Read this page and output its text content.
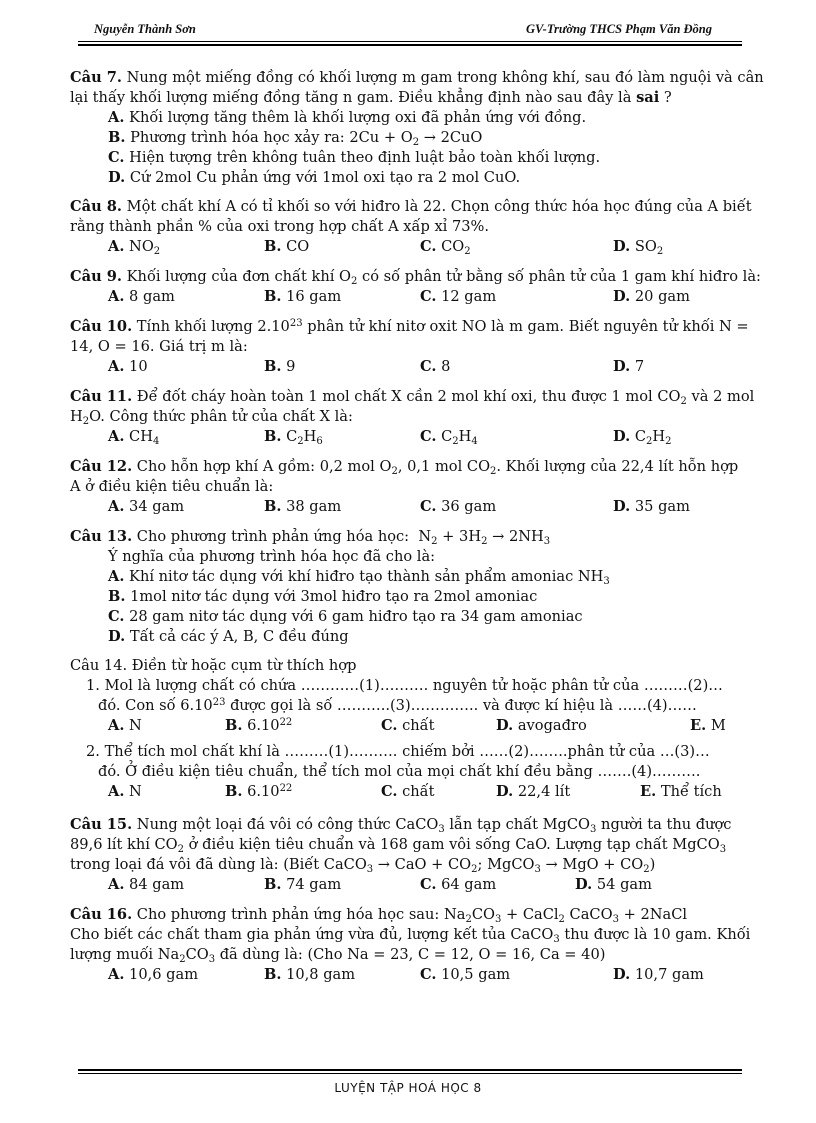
Nguyễn Thành Sơn	GV-Trường THCS Phạm Văn Đồng
Câu 7. Nung một miếng đồng có khối lượng m gam trong không khí, sau đó làm nguội và cân
lại thấy khối lượng miếng đồng tăng n gam. Điều khẳng định nào sau đây là sai ?
A. Khối lượng tăng thêm là khối lượng oxi đã phản ứng với đồng.
B. Phương trình hóa học xảy ra: $2Cu + O_2 \to 2CuO$
C. Hiện tượng trên không tuân theo định luật bảo toàn khối lượng.
D. Cứ 2mol Cu phản ứng với 1mol oxi tạo ra 2 mol CuO.
Câu 8. Một chất khí A có tỉ khối so với hiđro là 22. Chọn công thức hóa học đúng của A biết
rằng thành phần % của oxi trong hợp chất A xấp xỉ 73%.
A. $NO_2$	B. CO	C. $CO_2$	D. $SO_2$
Câu 9. Khối lượng của đơn chất khí $O_2$ có số phân tử bằng số phân tử của 1 gam khí hiđro là:
A. 8 gam	B. 16 gam	C. 12 gam	D. 20 gam
Câu 10. Tính khối lượng 2.10$^{23}$ phân tử khí nitơ oxit NO là m gam. Biết nguyên tử khối N =
14, O = 16. Giá trị m là:
A. 10	B. 9	C. 8	D. 7
Câu 11. Để đốt cháy hoàn toàn 1 mol chất X cần 2 mol khí oxi, thu được 1 mol $CO_2$ và 2 mol
$H_2O$. Công thức phân tử của chất X là:
A. $CH_4$	B. $C_2H_6$	C. $C_2H_4$	D. $C_2H_2$
Câu 12. Cho hỗn hợp khí A gồm: 0,2 mol $O_2$, 0,1 mol $CO_2$. Khối lượng của 22,4 lít hỗn hợp
A ở điều kiện tiêu chuẩn là:
A. 34 gam	B. 38 gam	C. 36 gam	D. 35 gam
Câu 13. Cho phương trình phản ứng hóa học: $N_2 + 3H_2 \to 2NH_3$
Ý nghĩa của phương trình hóa học đã cho là:
A. Khí nitơ tác dụng với khí hiđro tạo thành sản phẩm amoniac $NH_3$
B. 1mol nitơ tác dụng với 3mol hiđro tạo ra 2mol amoniac
C. 28 gam nitơ tác dụng với 6 gam hiđro tạo ra 34 gam amoniac
D. Tất cả các ý A, B, C đều đúng
Câu 14. Điền từ hoặc cụm từ thích hợp
1. Mol là lượng chất có chứa …………(1)………. nguyên tử hoặc phân tử của ………(2)…
đó. Con số 6.10$^{23}$ được gọi là số ………..(3)………….. và được kí hiệu là ……(4)……
A. N	B. 6.10$^{22}$	C. chất	D. avogađro	E. M
2. Thể tích mol chất khí là ………(1)………. chiếm bởi ……(2)……..phân tử của …(3)…
đó. Ở điều kiện tiêu chuẩn, thể tích mol của mọi chất khí đều bằng …….(4)……….
A. N	B. 6.10$^{22}$	C. chất	D. 22,4 lít	E. Thể tích
Câu 15. Nung một loại đá vôi có công thức CaCO$_3$ lẫn tạp chất MgCO$_3$ người ta thu được
89,6 lít khí $CO_2$ ở điều kiện tiêu chuẩn và 168 gam vôi sống CaO. Lượng tạp chất MgCO$_3$
trong loại đá vôi đã dùng là: (Biết CaCO$_3$ → CaO + $CO_2$; MgCO$_3$ → MgO + $CO_2$)
A. 84 gam	B. 74 gam	C. 64 gam	D. 54 gam
Câu 16. Cho phương trình phản ứng hóa học sau: $Na_2CO_3$ + CaCl$_2$ CaCO$_3$ + 2NaCl
Cho biết các chất tham gia phản ứng vừa đủ, lượng kết tủa CaCO$_3$ thu được là 10 gam. Khối
lượng muối $Na_2CO_3$ đã dùng là: (Cho Na = 23, C = 12, O = 16, Ca = 40)
A. 10,6 gam	B. 10,8 gam	C. 10,5 gam	D. 10,7 gam
LUYỆN TẬP HOÁ HỌC 8
